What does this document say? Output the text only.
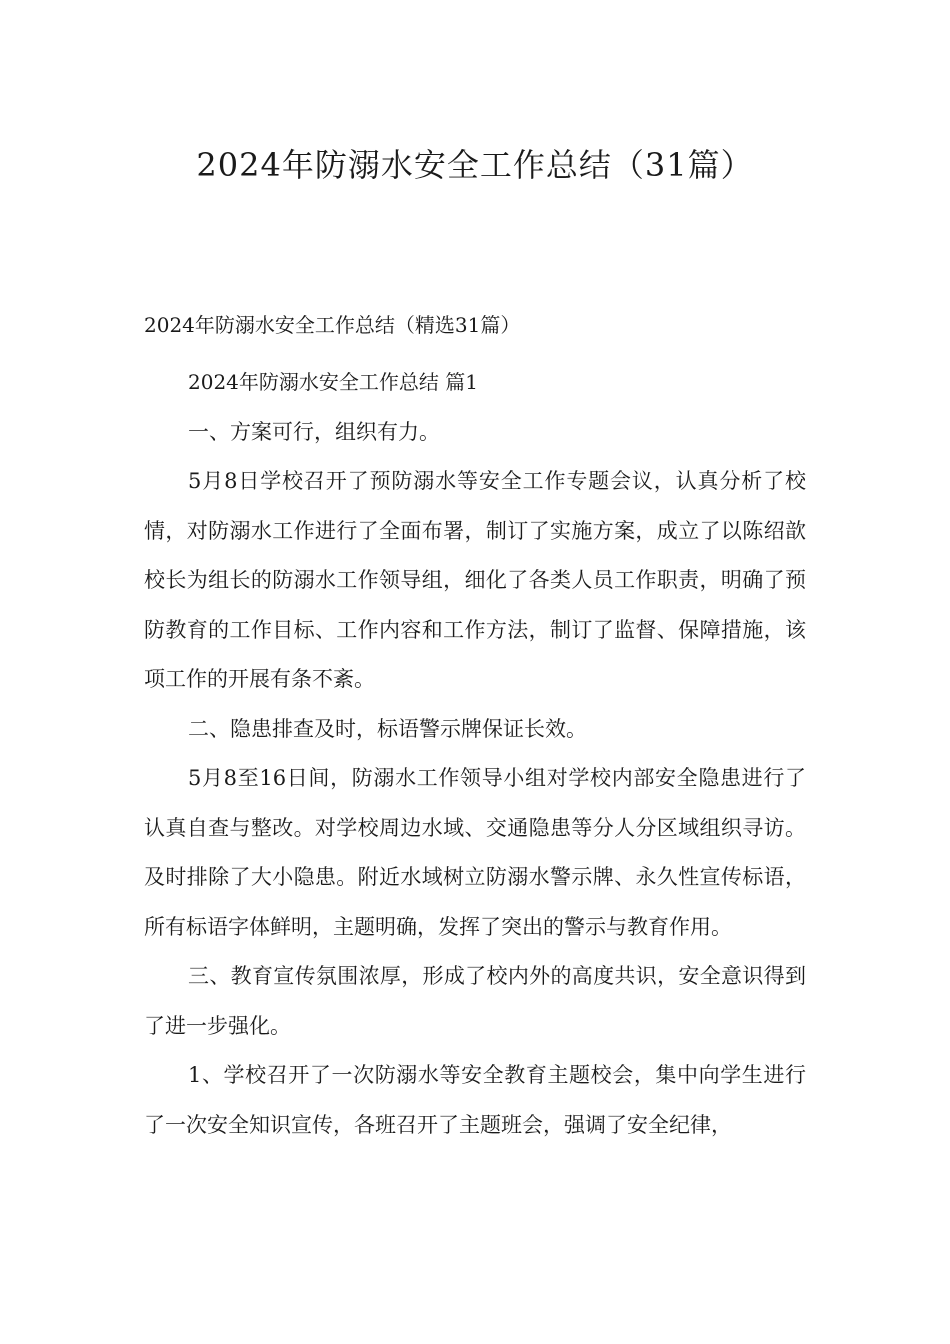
2024年防溺水安全工作总结（31篇）
2024年防溺水安全工作总结（精选31篇）

2024年防溺水安全工作总结 篇1

一、方案可行，组织有力。

5月8日学校召开了预防溺水等安全工作专题会议，认真分析了校情，对防溺水工作进行了全面布署，制订了实施方案，成立了以陈绍歆校长为组长的防溺水工作领导组，细化了各类人员工作职责，明确了预防教育的工作目标、工作内容和工作方法，制订了监督、保障措施，该项工作的开展有条不紊。

二、隐患排查及时，标语警示牌保证长效。

5月8至16日间，防溺水工作领导小组对学校内部安全隐患进行了认真自查与整改。对学校周边水域、交通隐患等分人分区域组织寻访。及时排除了大小隐患。附近水域树立防溺水警示牌、永久性宣传标语，所有标语字体鲜明，主题明确，发挥了突出的警示与教育作用。

三、教育宣传氛围浓厚，形成了校内外的高度共识，安全意识得到了进一步强化。

1、学校召开了一次防溺水等安全教育主题校会，集中向学生进行了一次安全知识宣传，各班召开了主题班会，强调了安全纪律，
